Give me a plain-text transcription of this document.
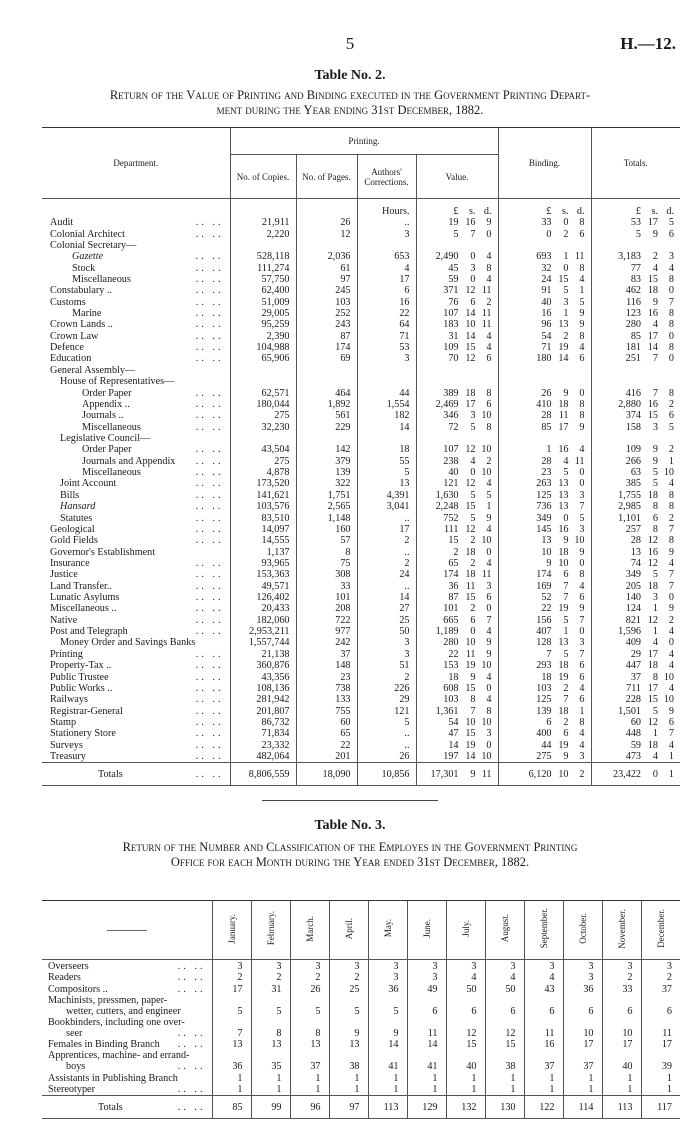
5	H.—12.
Table No. 2.
Return of the Value of Printing and Binding executed in the Government Printing Depart-
ment during the Year ending 31st December, 1882.
Department.	Printing.				Binding.	Totals.
	No. of Copies.	No. of Pages.	Authors'
Corrections.	Value.		
			Hours.	£ s. d.	£ s. d.	£ s. d.
Audit .. ..	21,911	26	..	19 16 9	33 0 8	53 17 5
Colonial Architect .. ..	2,220	12	3	5 7 0	0 2 6	5 9 6
Colonial Secretary—						
Gazette .. ..	528,118	2,036	653	2,490 0 4	693 1 11	3,183 2 3
Stock .. ..	111,274	61	4	45 3 8	32 0 8	77 4 4
Miscellaneous .. ..	57,750	97	17	59 0 4	24 15 4	83 15 8
Constabulary .. .. ..	62,400	245	6	371 12 11	91 5 1	462 18 0
Customs .. ..	51,009	103	16	76 6 2	40 3 5	116 9 7
Marine .. ..	29,005	252	22	107 14 11	16 1 9	123 16 8
Crown Lands .. .. ..	95,259	243	64	183 10 11	96 13 9	280 4 8
Crown Law .. ..	2,390	87	71	31 14 4	54 2 8	85 17 0
Defence .. ..	104,988	174	53	109 15 4	71 19 4	181 14 8
Education .. ..	65,906	69	3	70 12 6	180 14 6	251 7 0
General Assembly—						
House of Representatives—						
Order Paper .. ..	62,571	464	44	389 18 8	26 9 0	416 7 8
Appendix .. .. ..	180,044	1,892	1,554	2,469 17 6	410 18 8	2,880 16 2
Journals .. .. ..	275	561	182	346 3 10	28 11 8	374 15 6
Miscellaneous .. ..	32,230	229	14	72 5 8	85 17 9	158 3 5
Legislative Council—						
Order Paper .. ..	43,504	142	18	107 12 10	1 16 4	109 9 2
Journals and Appendix .. ..	275	379	55	238 4 2	28 4 11	266 9 1
Miscellaneous .. ..	4,878	139	5	40 0 10	23 5 0	63 5 10
Joint Account .. ..	173,520	322	13	121 12 4	263 13 0	385 5 4
Bills .. ..	141,621	1,751	4,391	1,630 5 5	125 13 3	1,755 18 8
Hansard .. ..	103,576	2,565	3,041	2,248 15 1	736 13 7	2,985 8 8
Statutes .. ..	83,510	1,148	..	752 5 9	349 0 5	1,101 6 2
Geological .. ..	14,097	160	17	111 12 4	145 16 3	257 8 7
Gold Fields .. ..	14,555	57	2	15 2 10	13 9 10	28 12 8
Governor's Establishment	1,137	8	..	2 18 0	10 18 9	13 16 9
Insurance .. ..	93,965	75	2	65 2 4	9 10 0	74 12 4
Justice .. ..	153,363	308	24	174 18 11	174 6 8	349 5 7
Land Transfer.. .. ..	49,571	33	..	36 11 3	169 7 4	205 18 7
Lunatic Asylums .. ..	126,402	101	14	87 15 6	52 7 6	140 3 0
Miscellaneous .. .. ..	20,433	208	27	101 2 0	22 19 9	124 1 9
Native .. ..	182,060	722	25	665 6 7	156 5 7	821 12 2
Post and Telegraph .. ..	2,953,211	977	50	1,189 0 4	407 1 0	1,596 1 4
Money Order and Savings Banks	1,557,744	242	3	280 10 9	128 13 3	409 4 0
Printing .. ..	21,138	37	3	22 11 9	7 5 7	29 17 4
Property-Tax .. .. ..	360,876	148	51	153 19 10	293 18 6	447 18 4
Public Trustee .. ..	43,356	23	2	18 9 4	18 19 6	37 8 10
Public Works .. .. ..	108,136	738	226	608 15 0	103 2 4	711 17 4
Railways .. ..	281,942	133	29	103 8 4	125 7 6	228 15 10
Registrar-General .. ..	201,807	755	121	1,361 7 8	139 18 1	1,501 5 9
Stamp .. ..	86,732	60	5	54 10 10	6 2 8	60 12 6
Stationery Store .. ..	71,834	65	..	47 15 3	400 6 4	448 1 7
Surveys .. ..	23,332	22	..	14 19 0	44 19 4	59 18 4
Treasury .. ..	482,064	201	26	197 14 10	275 9 3	473 4 1
Totals .. ..	8,806,559	18,090	10,856	17,301 9 11	6,120 10 2	23,422 0 1
Table No. 3.
Return of the Number and Classification of the Employes in the Government Printing
Office for each Month during the Year ended 31st December, 1882.
	January.	February.	March.	April.	May.	June.	July.	August.	September.	October.	November.	December.

Overseers .. ..	3	3	3	3	3	3	3	3	3	3	3	3

Readers .. ..	2	2	2	2	3	3	4	4	4	3	2	2

Compositors .. .. ..	17	31	26	25	36	49	50	50	43	36	33	37

Machinists, pressmen, paper-
wetter, cutters, and engineer	5	5	5	5	5	6	6	6	6	6	6	6

Bookbinders, including one over-
seer .. ..	7	8	8	9	9	11	12	12	11	10	10	11

Females in Binding Branch .. ..	13	13	13	13	14	14	15	15	16	17	17	17

Apprentices, machine- and errand-
boys .. ..	36	35	37	38	41	41	40	38	37	37	40	39

Assistants in Publishing Branch	1	1	1	1	1	1	1	1	1	1	1	1

Stereotyper .. ..	1	1	1	1	1	1	1	1	1	1	1	1
Totals .. ..	85	99	96	97	113	129	132	130	122	114	113	117
